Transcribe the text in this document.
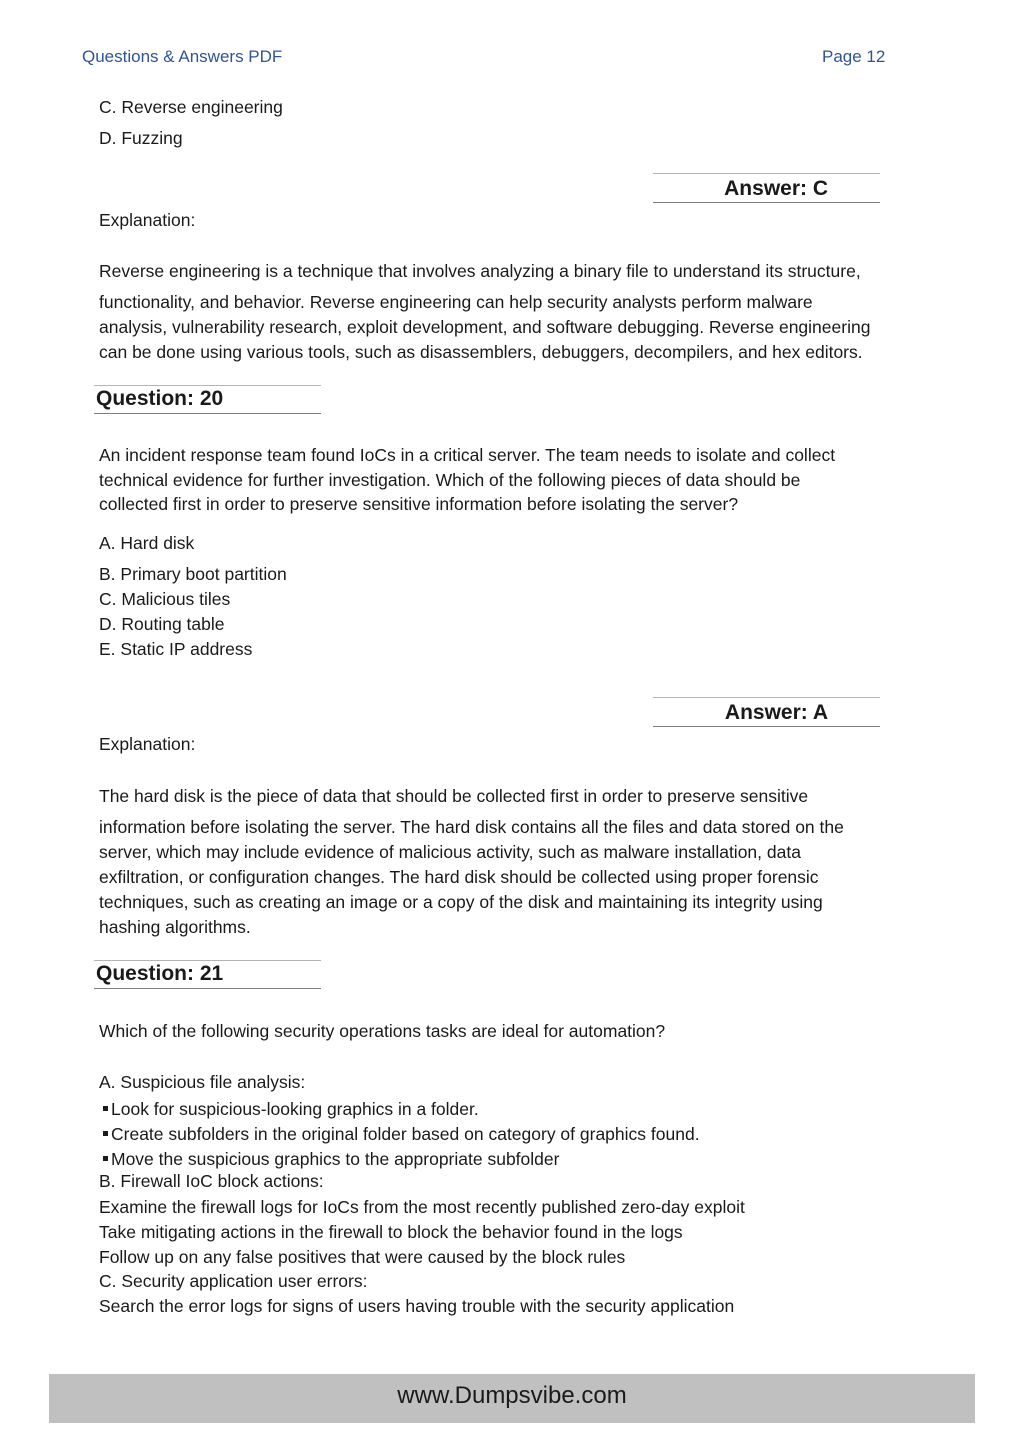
Questions & Answers PDF	Page 12
C. Reverse engineering
D. Fuzzing
Answer: C
Explanation:
Reverse engineering is a technique that involves analyzing a binary file to understand its structure,
functionality, and behavior. Reverse engineering can help security analysts perform malware
analysis, vulnerability research, exploit development, and software debugging. Reverse engineering
can be done using various tools, such as disassemblers, debuggers, decompilers, and hex editors.
Question: 20
An incident response team found IoCs in a critical server. The team needs to isolate and collect
technical evidence for further investigation. Which of the following pieces of data should be
collected first in order to preserve sensitive information before isolating the server?
A. Hard disk
B. Primary boot partition
C. Malicious tiles
D. Routing table
E. Static IP address
Answer: A
Explanation:
The hard disk is the piece of data that should be collected first in order to preserve sensitive
information before isolating the server. The hard disk contains all the files and data stored on the
server, which may include evidence of malicious activity, such as malware installation, data
exfiltration, or configuration changes. The hard disk should be collected using proper forensic
techniques, such as creating an image or a copy of the disk and maintaining its integrity using
hashing algorithms.
Question: 21
Which of the following security operations tasks are ideal for automation?
A. Suspicious file analysis:
Look for suspicious-looking graphics in a folder.
Create subfolders in the original folder based on category of graphics found.
Move the suspicious graphics to the appropriate subfolder
B. Firewall IoC block actions:
Examine the firewall logs for IoCs from the most recently published zero-day exploit
Take mitigating actions in the firewall to block the behavior found in the logs
Follow up on any false positives that were caused by the block rules
C. Security application user errors:
Search the error logs for signs of users having trouble with the security application
www.Dumpsvibe.com
